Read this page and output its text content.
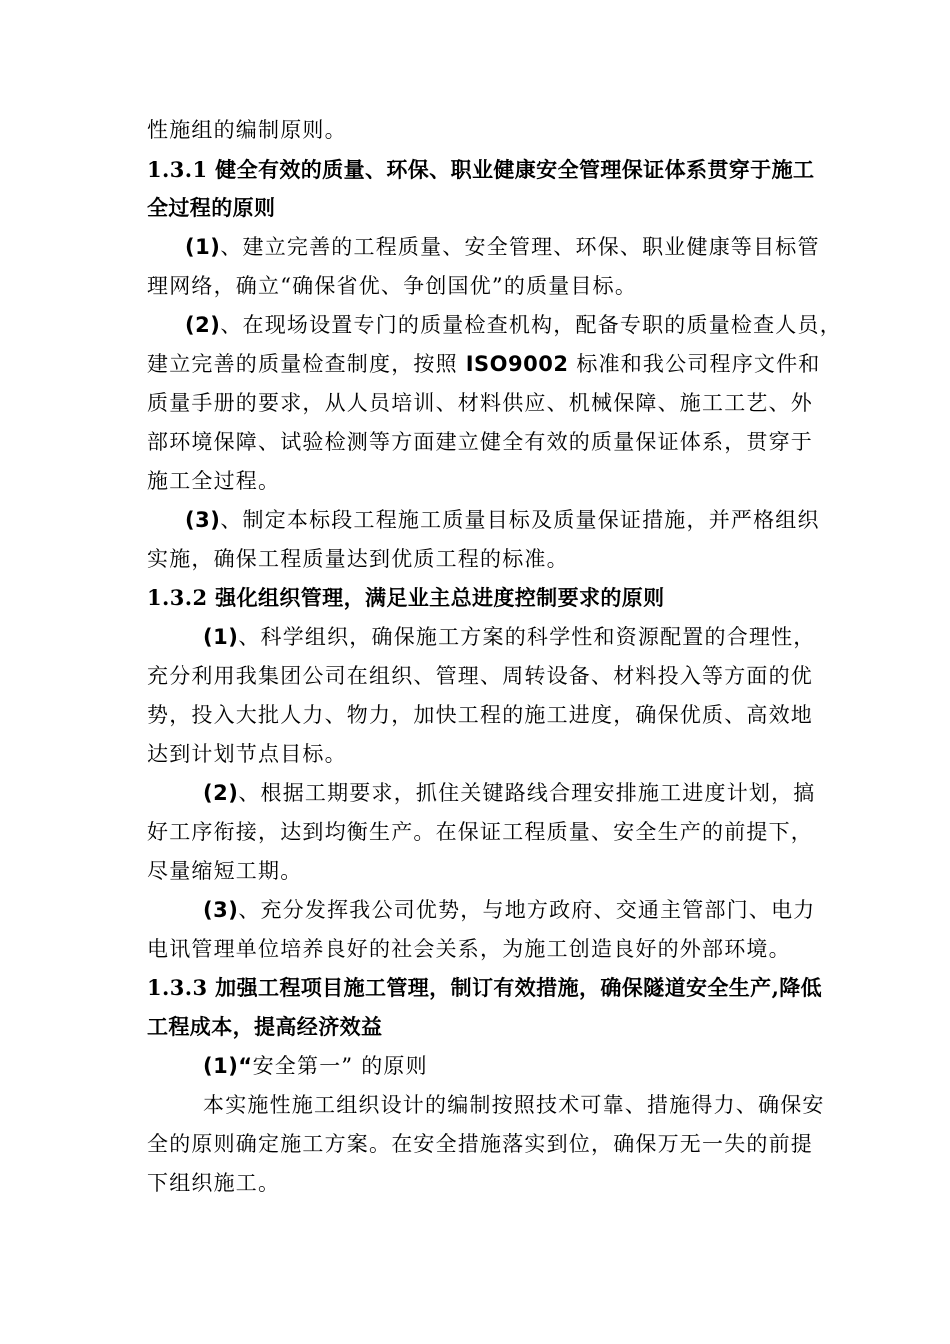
性施组的编制原则。
1.3.1 健全有效的质量、环保、职业健康安全管理保证体系贯穿于施工
全过程的原则
(1)、建立完善的工程质量、安全管理、环保、职业健康等目标管
理网络，确立“确保省优、争创国优”的质量目标。
(2)、在现场设置专门的质量检查机构，配备专职的质量检查人员，
建立完善的质量检查制度，按照 ISO9002 标准和我公司程序文件和
质量手册的要求，从人员培训、材料供应、机械保障、施工工艺、外
部环境保障、试验检测等方面建立健全有效的质量保证体系，贯穿于
施工全过程。
(3)、制定本标段工程施工质量目标及质量保证措施，并严格组织
实施，确保工程质量达到优质工程的标准。
1.3.2 强化组织管理，满足业主总进度控制要求的原则
(1)、科学组织，确保施工方案的科学性和资源配置的合理性，
充分利用我集团公司在组织、管理、周转设备、材料投入等方面的优
势，投入大批人力、物力，加快工程的施工进度，确保优质、高效地
达到计划节点目标。
(2)、根据工期要求，抓住关键路线合理安排施工进度计划，搞
好工序衔接，达到均衡生产。在保证工程质量、安全生产的前提下，
尽量缩短工期。
(3)、充分发挥我公司优势，与地方政府、交通主管部门、电力
电讯管理单位培养良好的社会关系，为施工创造良好的外部环境。
1.3.3 加强工程项目施工管理，制订有效措施，确保隧道安全生产,降低
工程成本，提高经济效益
(1)“安全第一” 的原则
本实施性施工组织设计的编制按照技术可靠、措施得力、确保安
全的原则确定施工方案。在安全措施落实到位，确保万无一失的前提
下组织施工。
